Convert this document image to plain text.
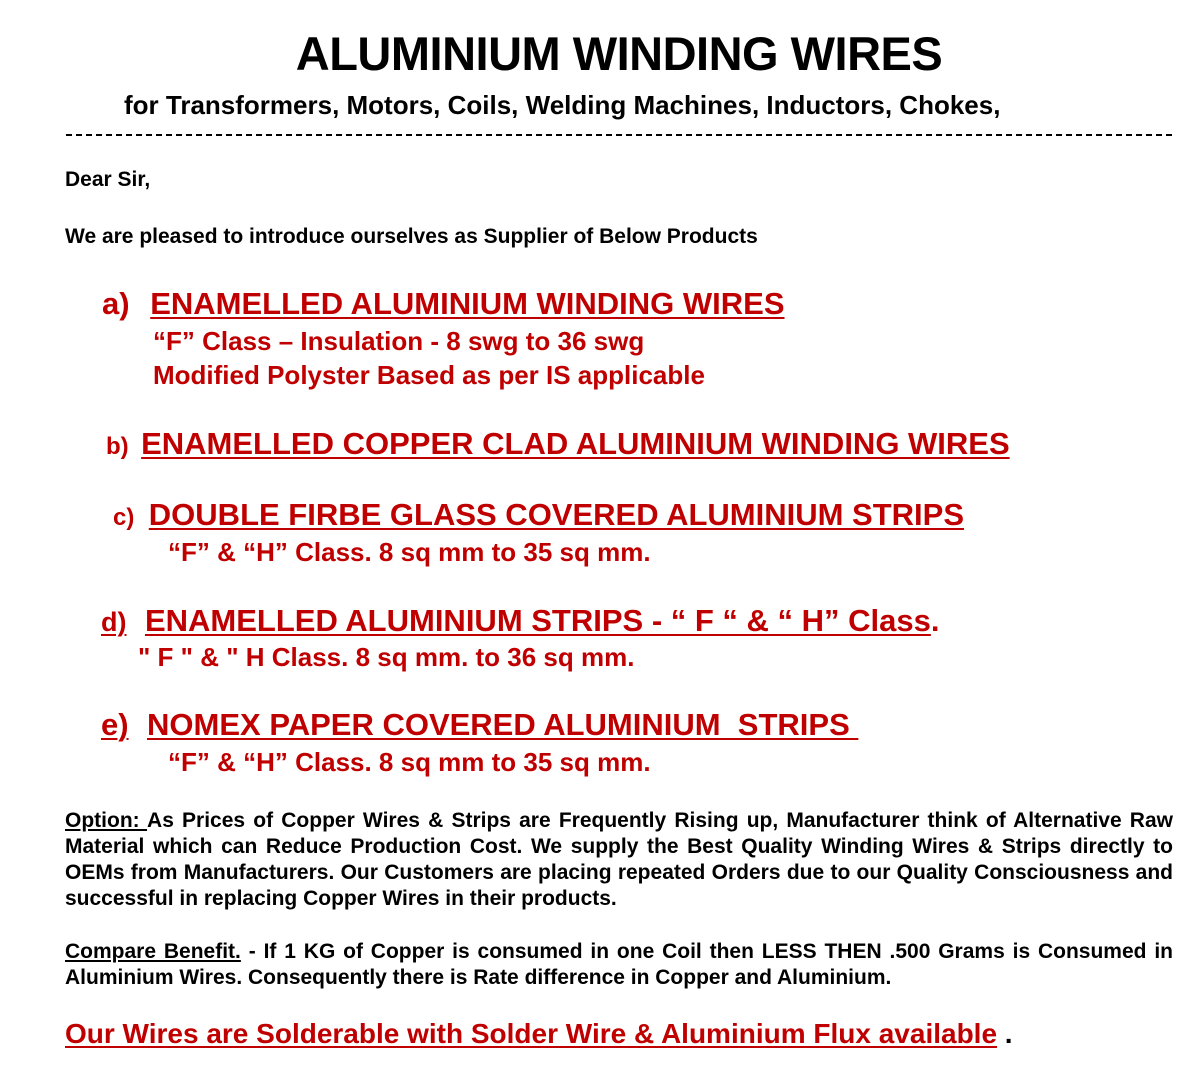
ALUMINIUM WINDING WIRES
for Transformers, Motors, Coils, Welding Machines, Inductors, Chokes,
Dear Sir,
We are pleased to introduce ourselves as Supplier of Below Products
a) ENAMELLED ALUMINIUM WINDING WIRES
“F” Class – Insulation - 8 swg to 36 swg
Modified Polyster Based as per IS applicable
b) ENAMELLED COPPER CLAD ALUMINIUM WINDING WIRES
c) DOUBLE FIRBE GLASS COVERED ALUMINIUM STRIPS
“F” & “H” Class. 8 sq mm to 35 sq mm.
d) ENAMELLED ALUMINIUM STRIPS - “ F “ & “ H” Class.
" F " & " H Class. 8 sq mm. to 36 sq mm.
e) NOMEX PAPER COVERED ALUMINIUM  STRIPS
“F” & “H” Class. 8 sq mm to 35 sq mm.
Option: As Prices of Copper Wires & Strips are Frequently Rising up, Manufacturer think of Alternative Raw Material which can Reduce Production Cost. We supply the Best Quality Winding Wires & Strips directly to OEMs from Manufacturers. Our Customers are placing repeated Orders due to our Quality Consciousness and successful in replacing Copper Wires in their products.
Compare Benefit. - If 1 KG of Copper is consumed in one Coil then LESS THEN .500 Grams is Consumed in Aluminium Wires. Consequently there is Rate difference in Copper and Aluminium.
Our Wires are Solderable with Solder Wire & Aluminium Flux available .
